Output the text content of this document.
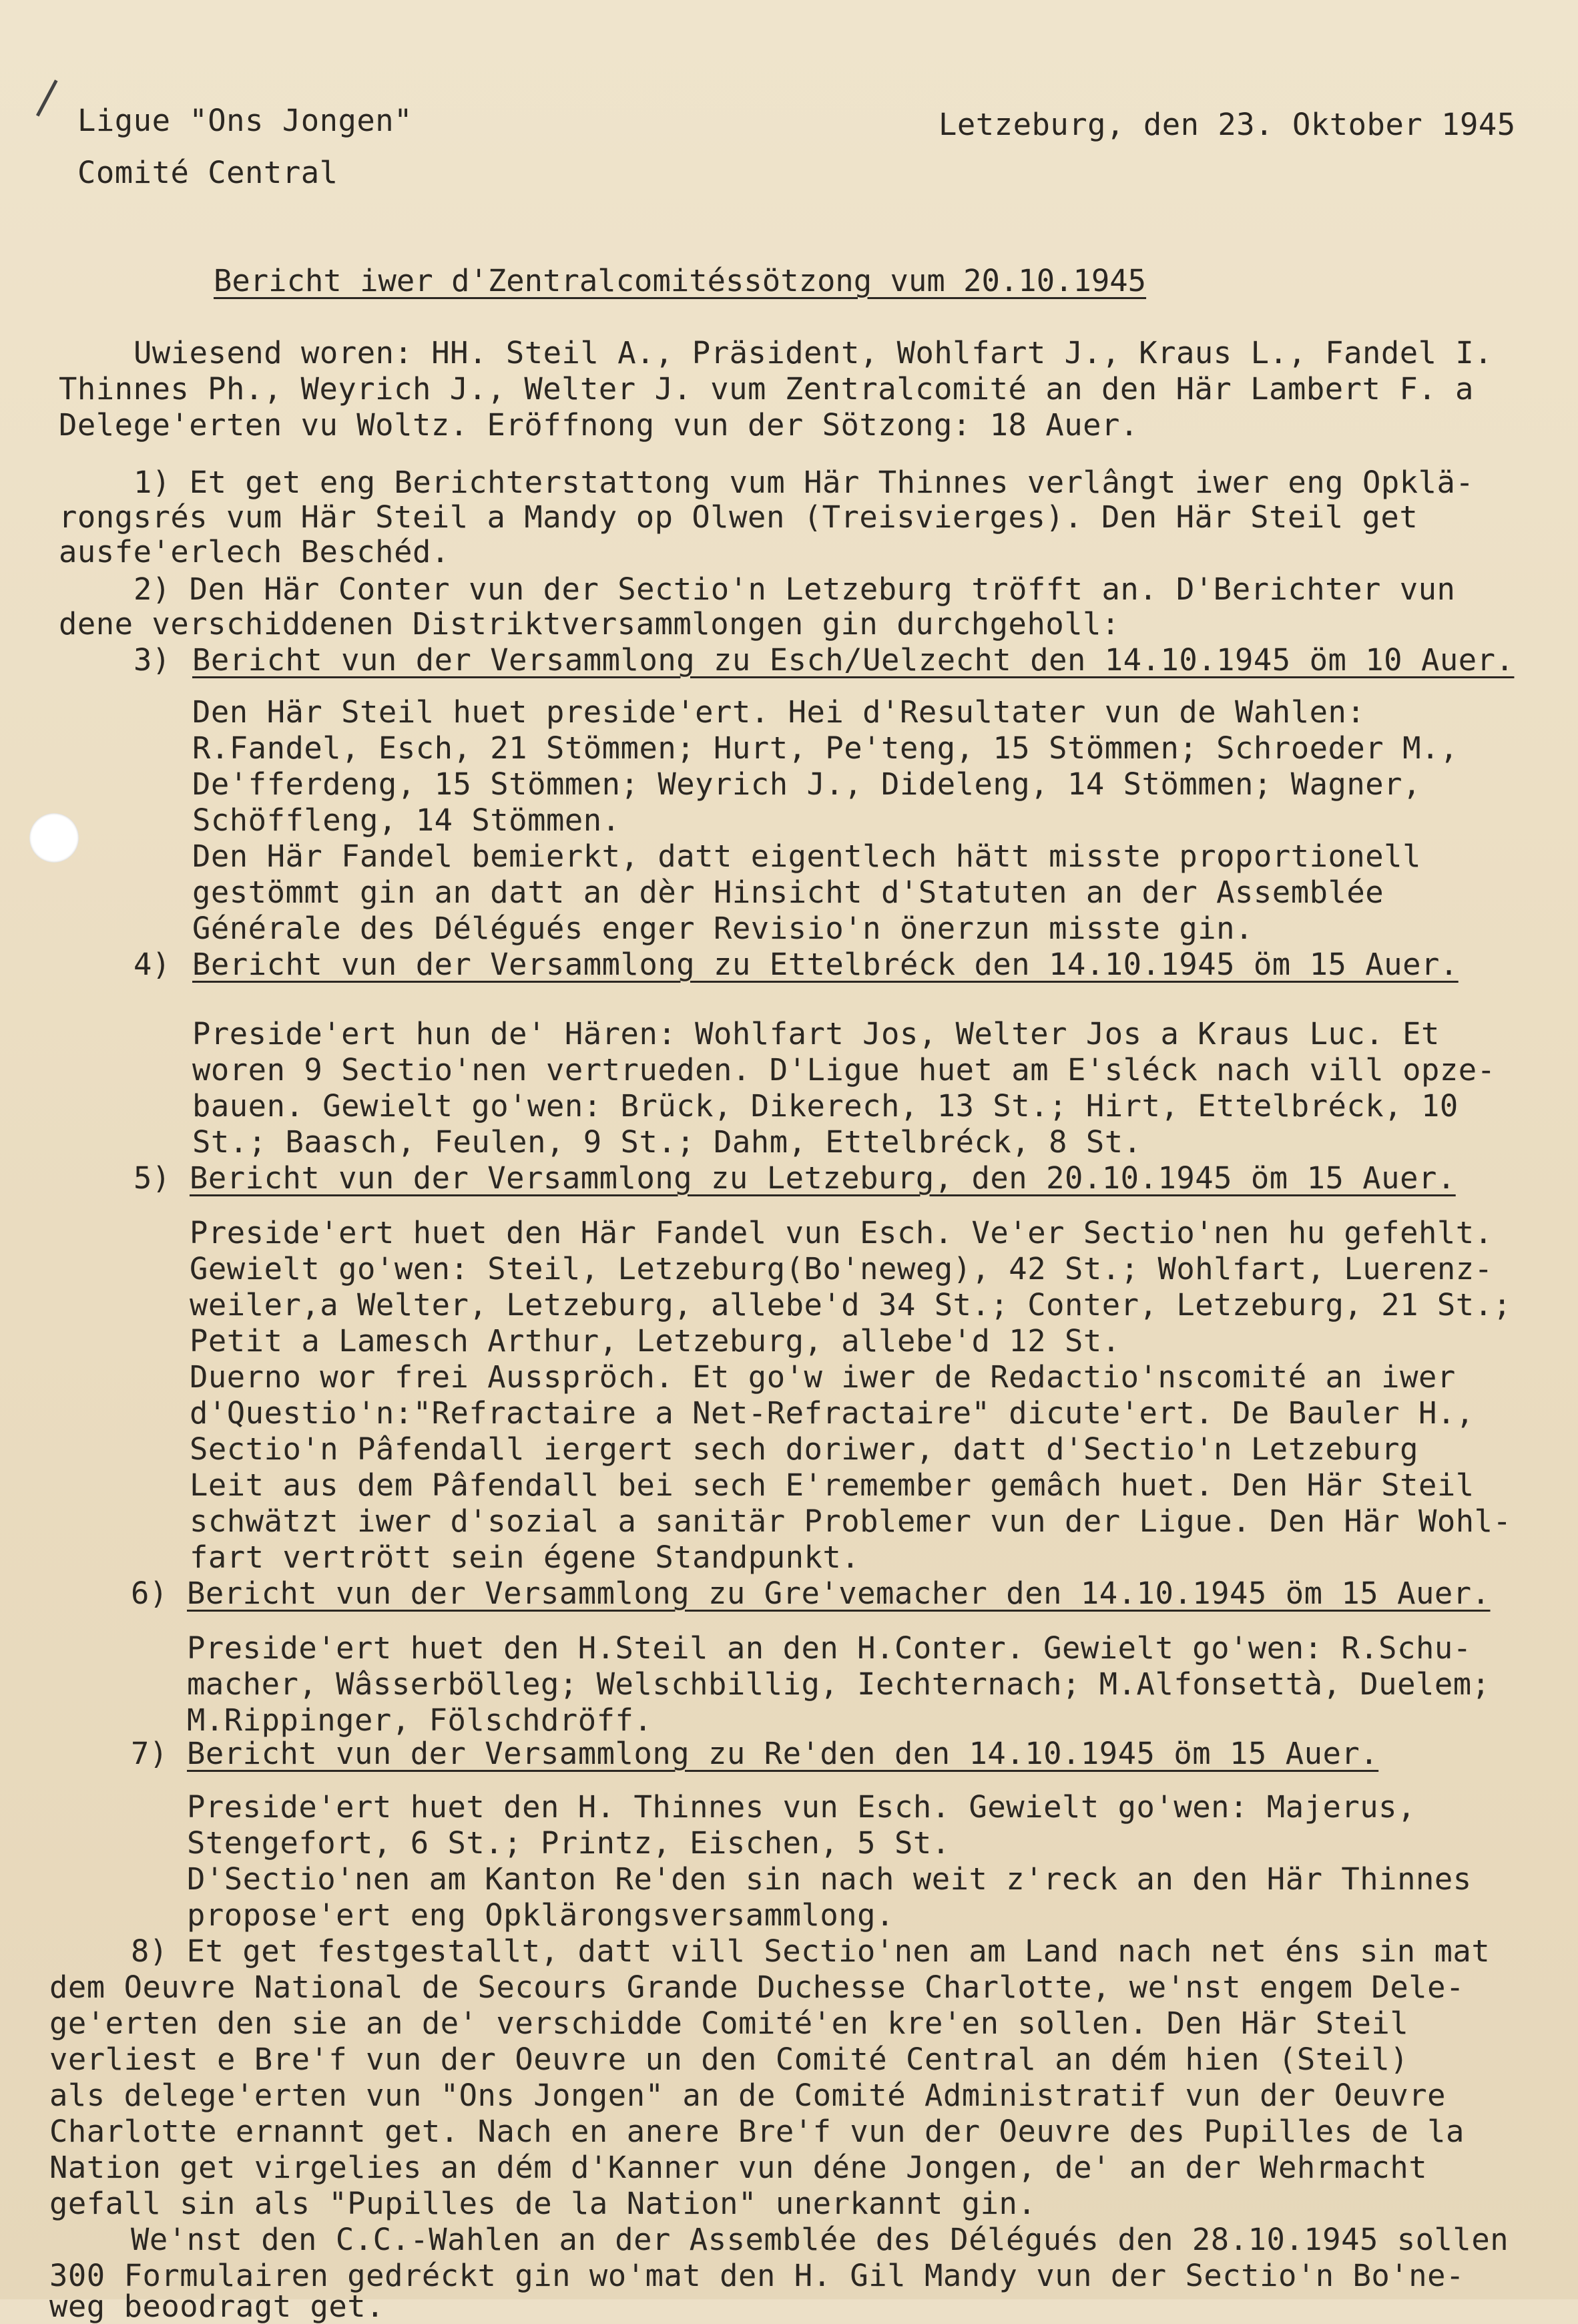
Ligue "Ons Jongen"
Comité Central
Letzeburg, den 23. Oktober 1945
Bericht iwer d'Zentralcomitéssötzong vum 20.10.1945
Uwiesend woren: HH. Steil A., Präsident, Wohlfart J., Kraus L., Fandel I.
Thinnes Ph., Weyrich J., Welter J. vum Zentralcomité an den Här Lambert F. a
Delege'erten vu Woltz. Eröffnong vun der Sötzong: 18 Auer.
1) Et get eng Berichterstattong vum Här Thinnes verlângt iwer eng Opklä-
rongsrés vum Här Steil a Mandy op Olwen (Treisvierges). Den Här Steil get
ausfe'erlech Beschéd.
2) Den Här Conter vun der Sectio'n Letzeburg tröfft an. D'Berichter vun
dene verschiddenen Distriktversammlongen gin durchgeholl:
3) Bericht vun der Versammlong zu Esch/Uelzecht den 14.10.1945 öm 10 Auer.
Den Här Steil huet preside'ert. Hei d'Resultater vun de Wahlen:
R.Fandel, Esch, 21 Stömmen; Hurt, Pe'teng, 15 Stömmen; Schroeder M.,
De'fferdeng, 15 Stömmen; Weyrich J., Dideleng, 14 Stömmen; Wagner,
Schöffleng, 14 Stömmen.
Den Här Fandel bemierkt, datt eigentlech hätt misste proportionell
gestömmt gin an datt an dèr Hinsicht d'Statuten an der Assemblée
Générale des Délégués enger Revisio'n önerzun misste gin.
4) Bericht vun der Versammlong zu Ettelbréck den 14.10.1945 öm 15 Auer.
Preside'ert hun de' Hären: Wohlfart Jos, Welter Jos a Kraus Luc. Et
woren 9 Sectio'nen vertrueden. D'Ligue huet am E'sléck nach vill opze-
bauen. Gewielt go'wen: Brück, Dikerech, 13 St.; Hirt, Ettelbréck, 10
St.; Baasch, Feulen, 9 St.; Dahm, Ettelbréck, 8 St.
5) Bericht vun der Versammlong zu Letzeburg, den 20.10.1945 öm 15 Auer.
Preside'ert huet den Här Fandel vun Esch. Ve'er Sectio'nen hu gefehlt.
Gewielt go'wen: Steil, Letzeburg(Bo'neweg), 42 St.; Wohlfart, Luerenz-
weiler,a Welter, Letzeburg, allebe'd 34 St.; Conter, Letzeburg, 21 St.;
Petit a Lamesch Arthur, Letzeburg, allebe'd 12 St.
Duerno wor frei Ausspröch. Et go'w iwer de Redactio'nscomité an iwer
d'Questio'n:"Refractaire a Net-Refractaire" dicute'ert. De Bauler H.,
Sectio'n Pâfendall iergert sech doriwer, datt d'Sectio'n Letzeburg
Leit aus dem Pâfendall bei sech E'remember gemâch huet. Den Här Steil
schwätzt iwer d'sozial a sanitär Problemer vun der Ligue. Den Här Wohl-
fart vertrött sein égene Standpunkt.
6) Bericht vun der Versammlong zu Gre'vemacher den 14.10.1945 öm 15 Auer.
Preside'ert huet den H.Steil an den H.Conter. Gewielt go'wen: R.Schu-
macher, Wâsserbölleg; Welschbillig, Iechternach; M.Alfonsettà, Duelem;
M.Rippinger, Fölschdröff.
7) Bericht vun der Versammlong zu Re'den den 14.10.1945 öm 15 Auer.
Preside'ert huet den H. Thinnes vun Esch. Gewielt go'wen: Majerus,
Stengefort, 6 St.; Printz, Eischen, 5 St.
D'Sectio'nen am Kanton Re'den sin nach weit z'reck an den Här Thinnes
propose'ert eng Opklärongsversammlong.
8) Et get festgestallt, datt vill Sectio'nen am Land nach net éns sin mat
dem Oeuvre National de Secours Grande Duchesse Charlotte, we'nst engem Dele-
ge'erten den sie an de' verschidde Comité'en kre'en sollen. Den Här Steil
verliest e Bre'f vun der Oeuvre un den Comité Central an dém hien (Steil)
als delege'erten vun "Ons Jongen" an de Comité Administratif vun der Oeuvre
Charlotte ernannt get. Nach en anere Bre'f vun der Oeuvre des Pupilles de la
Nation get virgelies an dém d'Kanner vun déne Jongen, de' an der Wehrmacht
gefall sin als "Pupilles de la Nation" unerkannt gin.
We'nst den C.C.-Wahlen an der Assemblée des Délégués den 28.10.1945 sollen
300 Formulairen gedréckt gin wo'mat den H. Gil Mandy vun der Sectio'n Bo'ne-
weg beoodragt get.
